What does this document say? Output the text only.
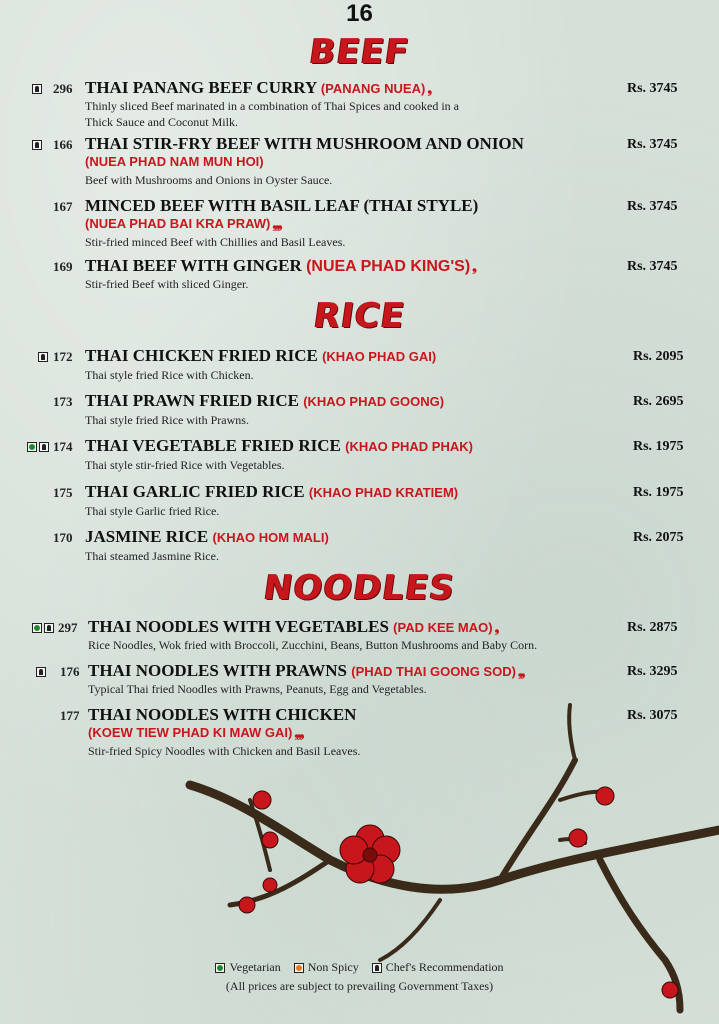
16
BEEF
296 THAI PANANG BEEF CURRY (PANANG NUEA) ❟	Rs. 3745
Thinly sliced Beef marinated in a combination of Thai Spices and cooked in a
Thick Sauce and Coconut Milk.
166 THAI STIR-FRY BEEF WITH MUSHROOM AND ONION	Rs. 3745
(NUEA PHAD NAM MUN HOI)
Beef with Mushrooms and Onions in Oyster Sauce.
167 MINCED BEEF WITH BASIL LEAF (THAI STYLE)	Rs. 3745
(NUEA PHAD BAI KRA PRAW) ❟❟❟
Stir-fried minced Beef with Chillies and Basil Leaves.
169 THAI BEEF WITH GINGER (NUEA PHAD KING'S) ❟	Rs. 3745
Stir-fried Beef with sliced Ginger.
RICE
172 THAI CHICKEN FRIED RICE (KHAO PHAD GAI)	Rs. 2095
Thai style fried Rice with Chicken.
173 THAI PRAWN FRIED RICE (KHAO PHAD GOONG)	Rs. 2695
Thai style fried Rice with Prawns.
174 THAI VEGETABLE FRIED RICE (KHAO PHAD PHAK)	Rs. 1975
Thai style stir-fried Rice with Vegetables.
175 THAI GARLIC FRIED RICE (KHAO PHAD KRATIEM)	Rs. 1975
Thai style Garlic fried Rice.
170 JASMINE RICE (KHAO HOM MALI)	Rs. 2075
Thai steamed Jasmine Rice.
NOODLES
297 THAI NOODLES WITH VEGETABLES (PAD KEE MAO) ❟	Rs. 2875
Rice Noodles, Wok fried with Broccoli, Zucchini, Beans, Button Mushrooms and Baby Corn.
176 THAI NOODLES WITH PRAWNS (PHAD THAI GOONG SOD) ❟❟	Rs. 3295
Typical Thai fried Noodles with Prawns, Peanuts, Egg and Vegetables.
177 THAI NOODLES WITH CHICKEN	Rs. 3075
(KOEW TIEW PHAD KI MAW GAI) ❟❟❟
Stir-fried Spicy Noodles with Chicken and Basil Leaves.
Vegetarian
Non Spicy
Chef's Recommendation
(All prices are subject to prevailing Government Taxes)
